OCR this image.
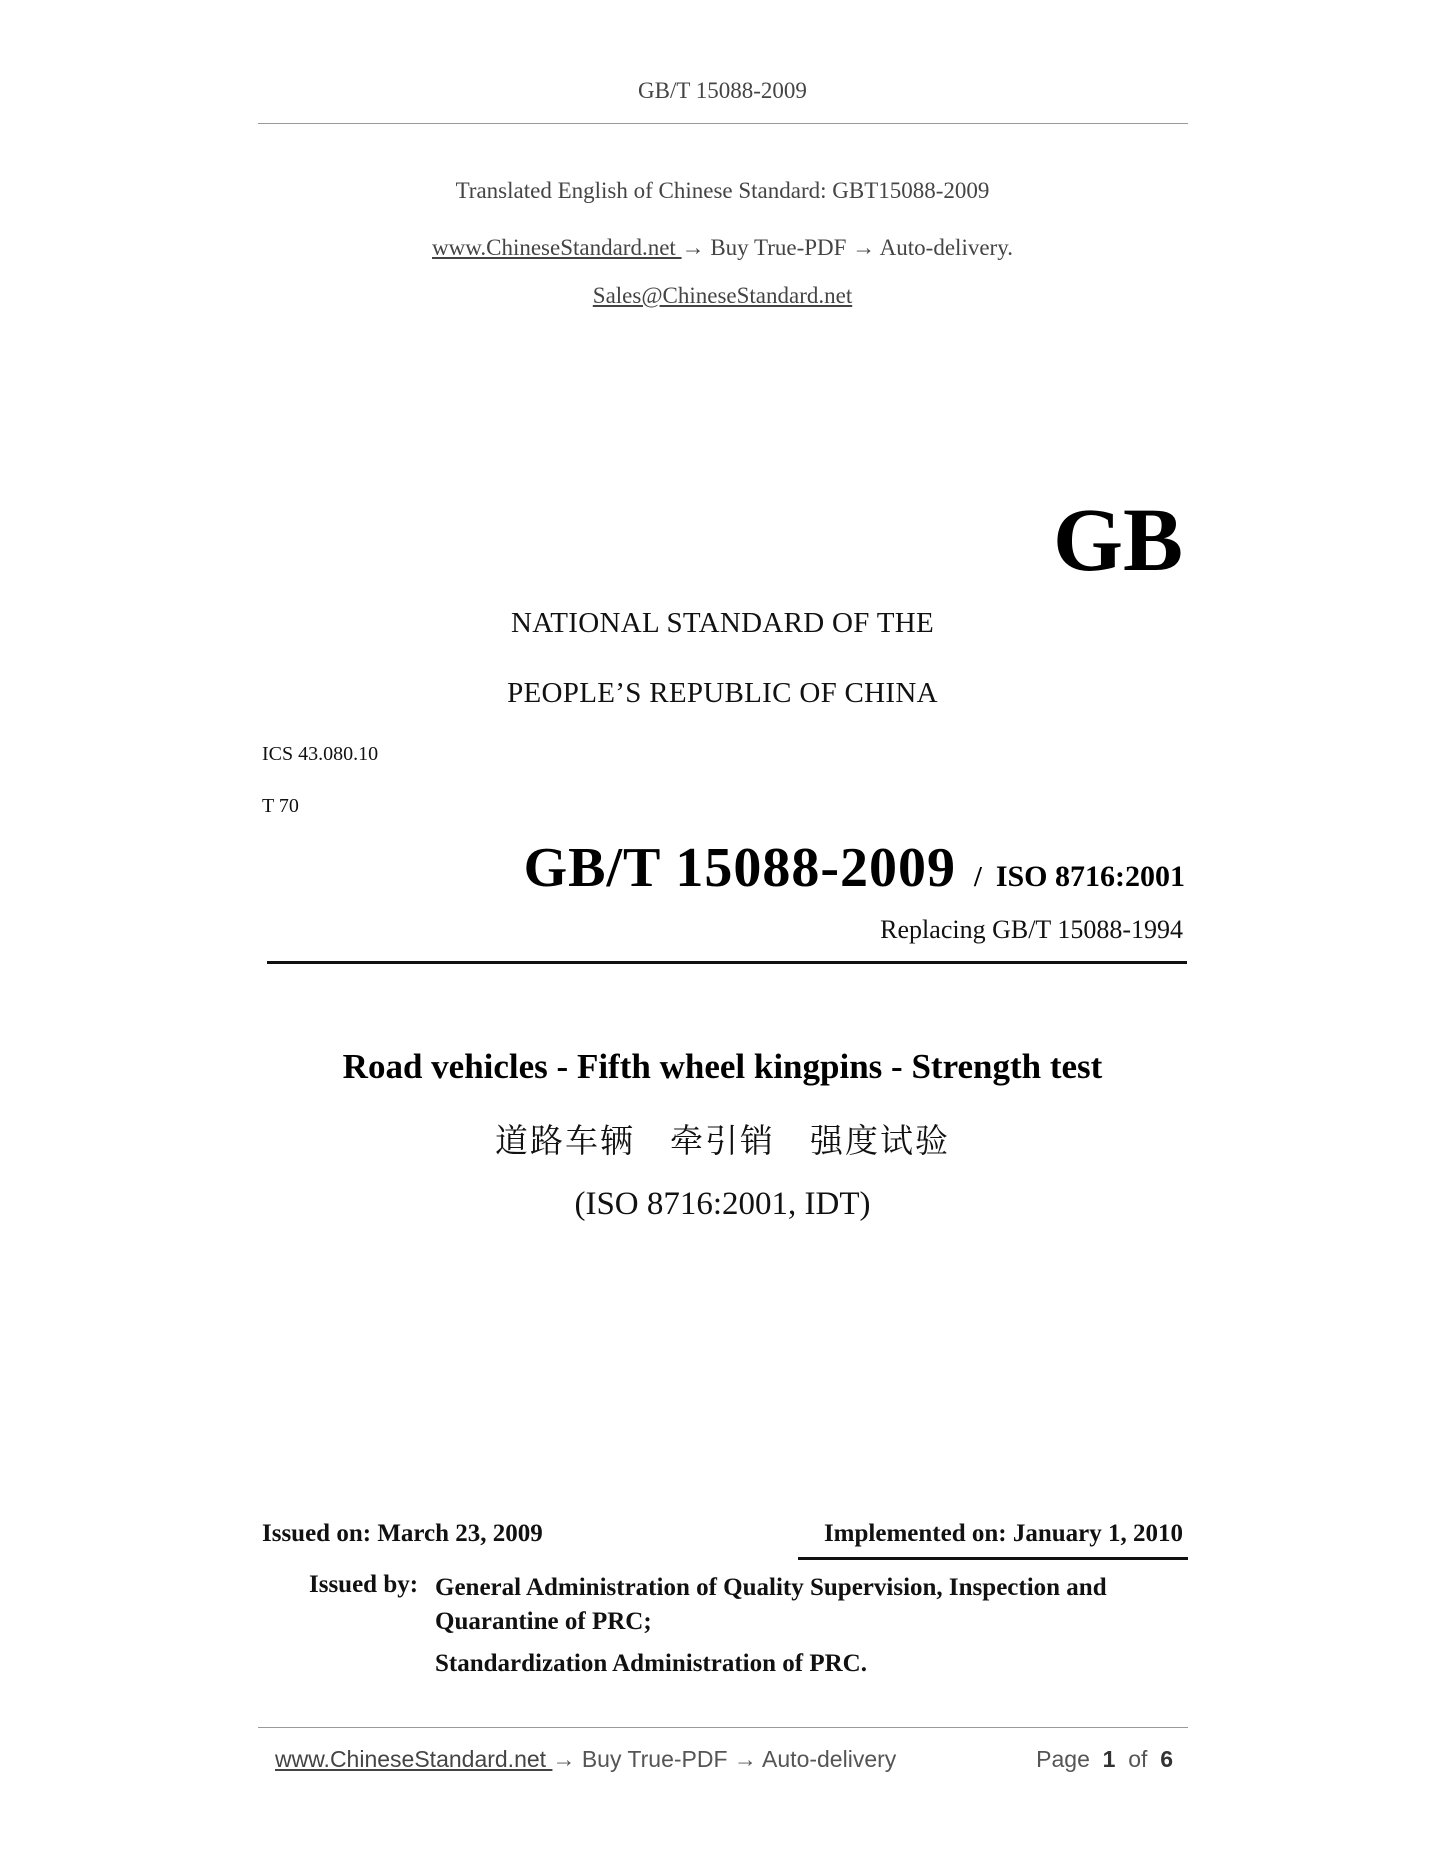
GB/T 15088-2009
Translated English of Chinese Standard: GBT15088-2009
www.ChineseStandard.net → Buy True-PDF → Auto-delivery.
Sales@ChineseStandard.net
GB
NATIONAL STANDARD OF THE
PEOPLE’S REPUBLIC OF CHINA
ICS 43.080.10
T 70
GB/T 15088-2009 / ISO 8716:2001
Replacing GB/T 15088-1994
Road vehicles - Fifth wheel kingpins - Strength test
道路车辆　牵引销　强度试验
(ISO 8716:2001, IDT)
Issued on: March 23, 2009	Implemented on: January 1, 2010
Issued by: General Administration of Quality Supervision, Inspection and Quarantine of PRC;
Standardization Administration of PRC.
www.ChineseStandard.net → Buy True-PDF → Auto-delivery	Page 1 of 6
